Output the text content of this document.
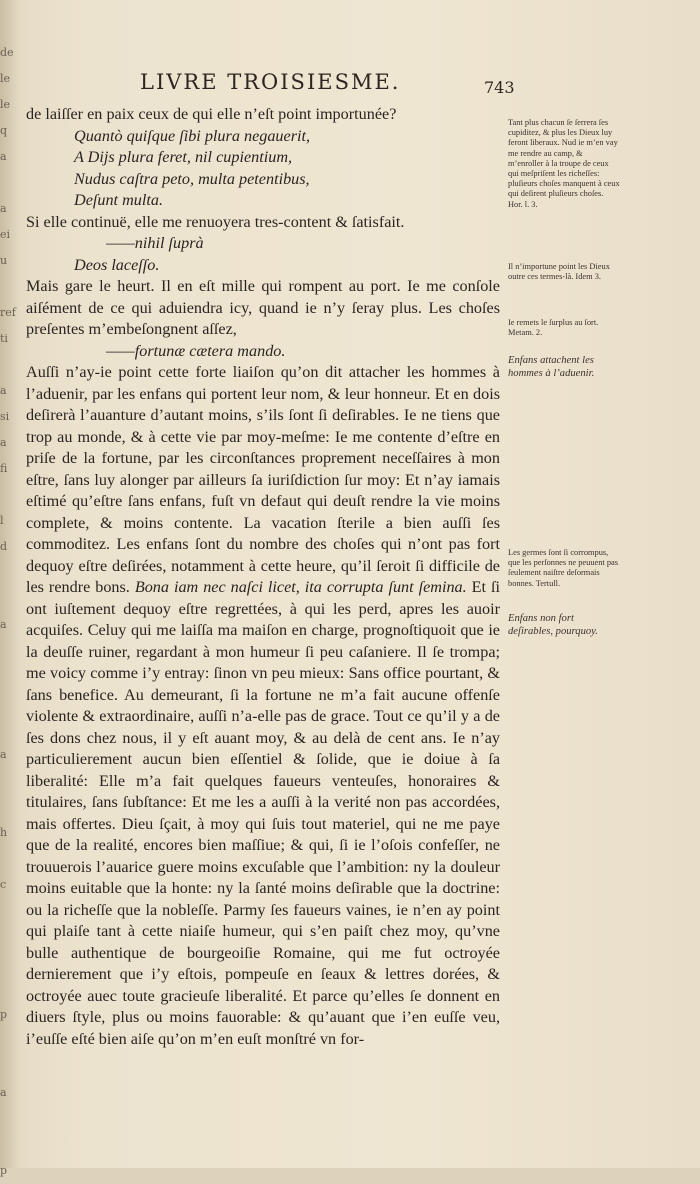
de
le
le
q
a
a
ei
u
ref
ti
a
si
a
fi
l
d
a
a
h
c
p
a
p
LIVRE TROISIESME.	743

de laiſſer en paix ceux de qui elle n’eſt point importunée?

Quantò quiſque ſibi plura negauerit,
A Dijs plura feret, nil cupientium,
Nudus caſtra peto, multa petentibus,
Deſunt multa.

Si elle continuë, elle me renuoyera tres-content & ſatisfait.

——nihil ſuprà
Deos laceſſo.

Mais gare le heurt. Il en eſt mille qui rompent au port. Ie me conſole aiſément de ce qui aduiendra icy, quand ie n’y ſeray plus. Les choſes preſentes m’embeſongnent aſſez,

——fortunæ cætera mando.

Auſſi n’ay-ie point cette forte liaiſon qu’on dit attacher les hommes à l’aduenir, par les enfans qui portent leur nom, & leur honneur. Et en dois deſirerà l’auanture d’autant moins, s’ils ſont ſi deſirables. Ie ne tiens que trop au monde, & à cette vie par moy-meſme: Ie me contente d’eſtre en priſe de la fortune, par les circonſtances proprement neceſſaires à mon eſtre, ſans luy alonger par ailleurs ſa iuriſdiction ſur moy: Et n’ay iamais eſtimé qu’eſtre ſans enfans, fuſt vn defaut qui deuſt rendre la vie moins complete, & moins contente. La vacation ſterile a bien auſſi ſes commoditez. Les enfans ſont du nombre des choſes qui n’ont pas fort dequoy eſtre deſirées, notamment à cette heure, qu’il ſeroit ſi difficile de les rendre bons. Bona iam nec naſci licet, ita corrupta ſunt ſemina. Et ſi ont iuſtement dequoy eſtre regrettées, à qui les perd, apres les auoir acquiſes. Celuy qui me laiſſa ma maiſon en charge, prognoſtiquoit que ie la deuſſe ruiner, regardant à mon humeur ſi peu caſaniere. Il ſe trompa; me voicy comme i’y entray: ſinon vn peu mieux: Sans office pourtant, & ſans benefice. Au demeurant, ſi la fortune ne m’a fait aucune offenſe violente & extraordinaire, auſſi n’a-elle pas de grace. Tout ce qu’il y a de ſes dons chez nous, il y eſt auant moy, & au delà de cent ans. Ie n’ay particulierement aucun bien eſſentiel & ſolide, que ie doiue à ſa liberalité: Elle m’a fait quelques faueurs venteuſes, honoraires & titulaires, ſans ſubſtance: Et me les a auſſi à la verité non pas accordées, mais offertes. Dieu ſçait, à moy qui ſuis tout materiel, qui ne me paye que de la realité, encores bien maſſiue; & qui, ſi ie l’oſois confeſſer, ne trouuerois l’auarice guere moins excuſable que l’ambition: ny la douleur moins euitable que la honte: ny la ſanté moins deſirable que la doctrine: ou la richeſſe que la nobleſſe. Parmy ſes faueurs vaines, ie n’en ay point qui plaiſe tant à cette niaiſe humeur, qui s’en paiſt chez moy, qu’vne bulle authentique de bourgeoiſie Romaine, qui me fut octroyée dernierement que i’y eſtois, pompeuſe en ſeaux & lettres dorées, & octroyée auec toute gracieuſe liberalité. Et parce qu’elles ſe donnent en diuers ſtyle, plus ou moins fauorable: & qu’auant que i’en euſſe veu, i’euſſe eſté bien aiſe qu’on m’en euſt monſtré vn for-

Tant plus chacun ſe ſerrera ſes cupiditez, & plus les Dieux luy feront liberaux. Nud ie m’en vay me rendre au camp, & m’enroller à la troupe de ceux qui meſpriſent les richeſſes: pluſieurs choſes manquent à ceux qui deſirent pluſieurs choſes. Hor. l. 3.
Il n’importune point les Dieux outre ces termes-là. Idem 3.
Ie remets le ſurplus au ſort. Metam. 2.
Enfans attachent les hommes à l’aduenir.
Les germes ſont ſi corrompus, que les perſonnes ne peuuent pas ſeulement naiſtre deſormais bonnes. Tertull.
Enfans non fort deſirables, pourquoy.
